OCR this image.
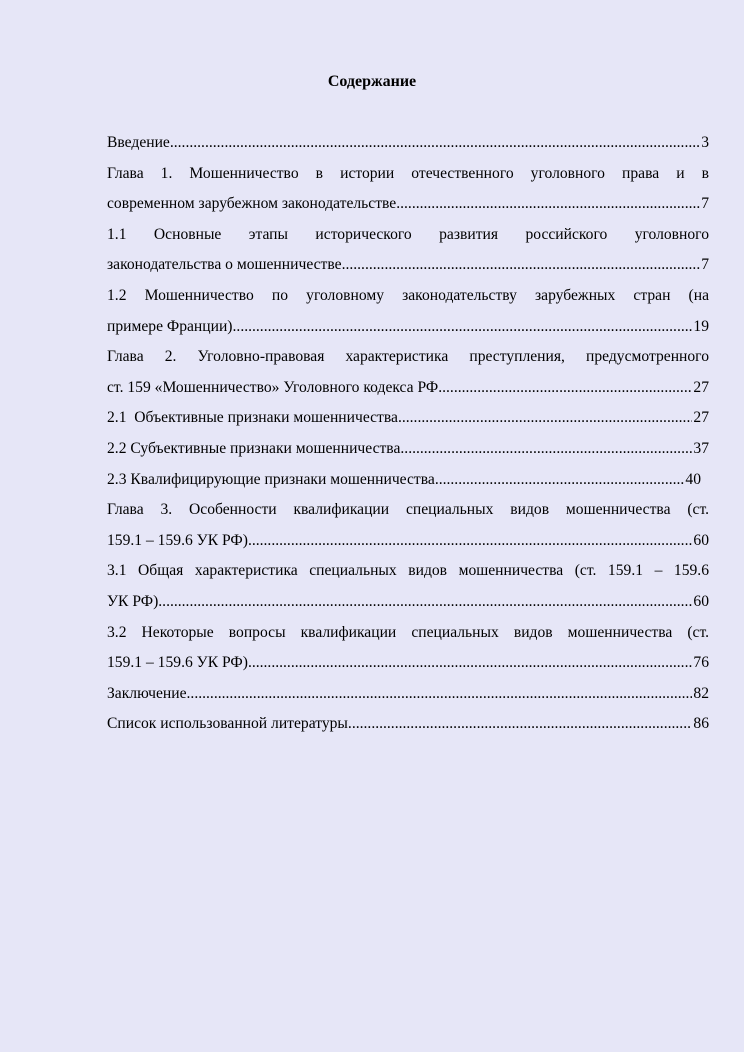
Содержание
Введение .....	3
Глава 1. Мошенничество в истории отечественного уголовного права и в
современном зарубежном законодательстве .....	7
1.1 Основные этапы исторического развития российского уголовного
законодательства о мошенничестве .....	7
1.2 Мошенничество по уголовному законодательству зарубежных стран (на
примере Франции) .....	19
Глава 2. Уголовно-правовая характеристика преступления, предусмотренного
ст. 159 «Мошенничество» Уголовного кодекса РФ .....	27
2.1  Объективные признаки мошенничества .....	27
2.2 Субъективные признаки мошенничества .....	37
2.3 Квалифицирующие признаки мошенничества .....	40
Глава 3. Особенности квалификации специальных видов мошенничества (ст.
159.1 – 159.6 УК РФ) .....	60
3.1 Общая характеристика специальных видов мошенничества (ст. 159.1 – 159.6
УК РФ) .....	60
3.2 Некоторые вопросы квалификации специальных видов мошенничества (ст.
159.1 – 159.6 УК РФ) .....	76
Заключение .....	82
Список использованной литературы .....	86
